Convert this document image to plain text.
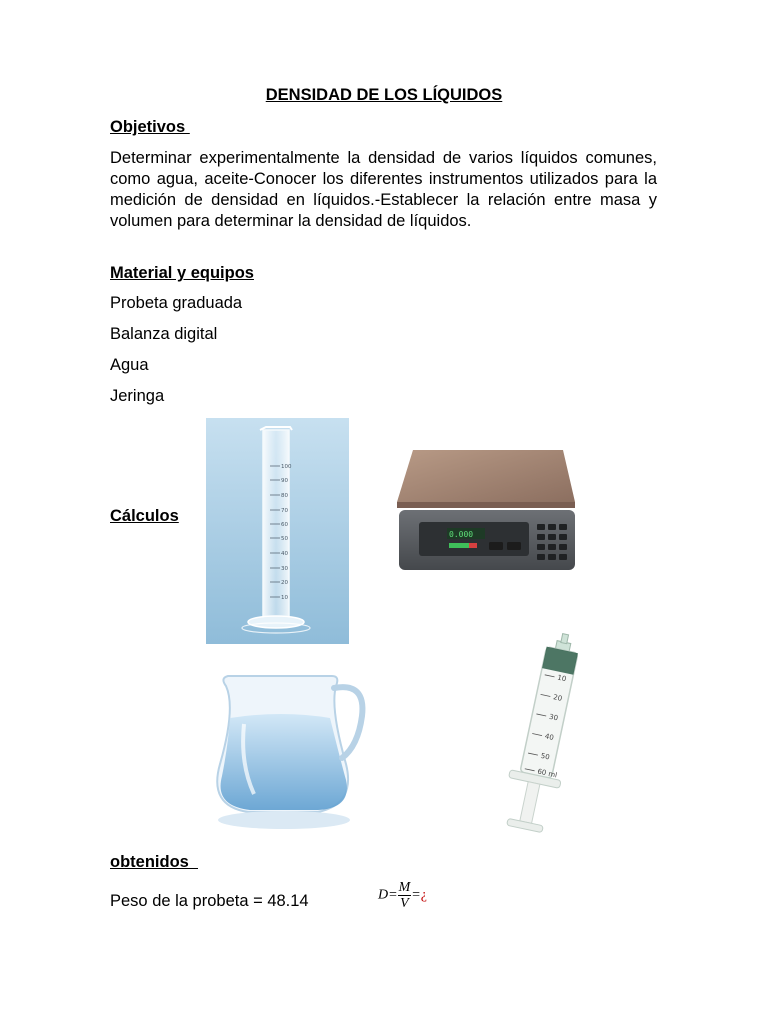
DENSIDAD DE LOS LÍQUIDOS
Objetivos
Determinar experimentalmente la densidad de varios líquidos comunes, como agua, aceite-Conocer los diferentes instrumentos utilizados para la medición de densidad en líquidos.-Establecer la relación entre masa y volumen para determinar la densidad de líquidos.
Material y equipos
Probeta graduada
Balanza digital
Agua
Jeringa
Cálculos
100
90
80
70
60
50
40
30
20
10
0.000
10
20
30
40
50
60 ml
obtenidos
Peso de la probeta = 48.14	$D= \frac{M}{V}$ =¿
